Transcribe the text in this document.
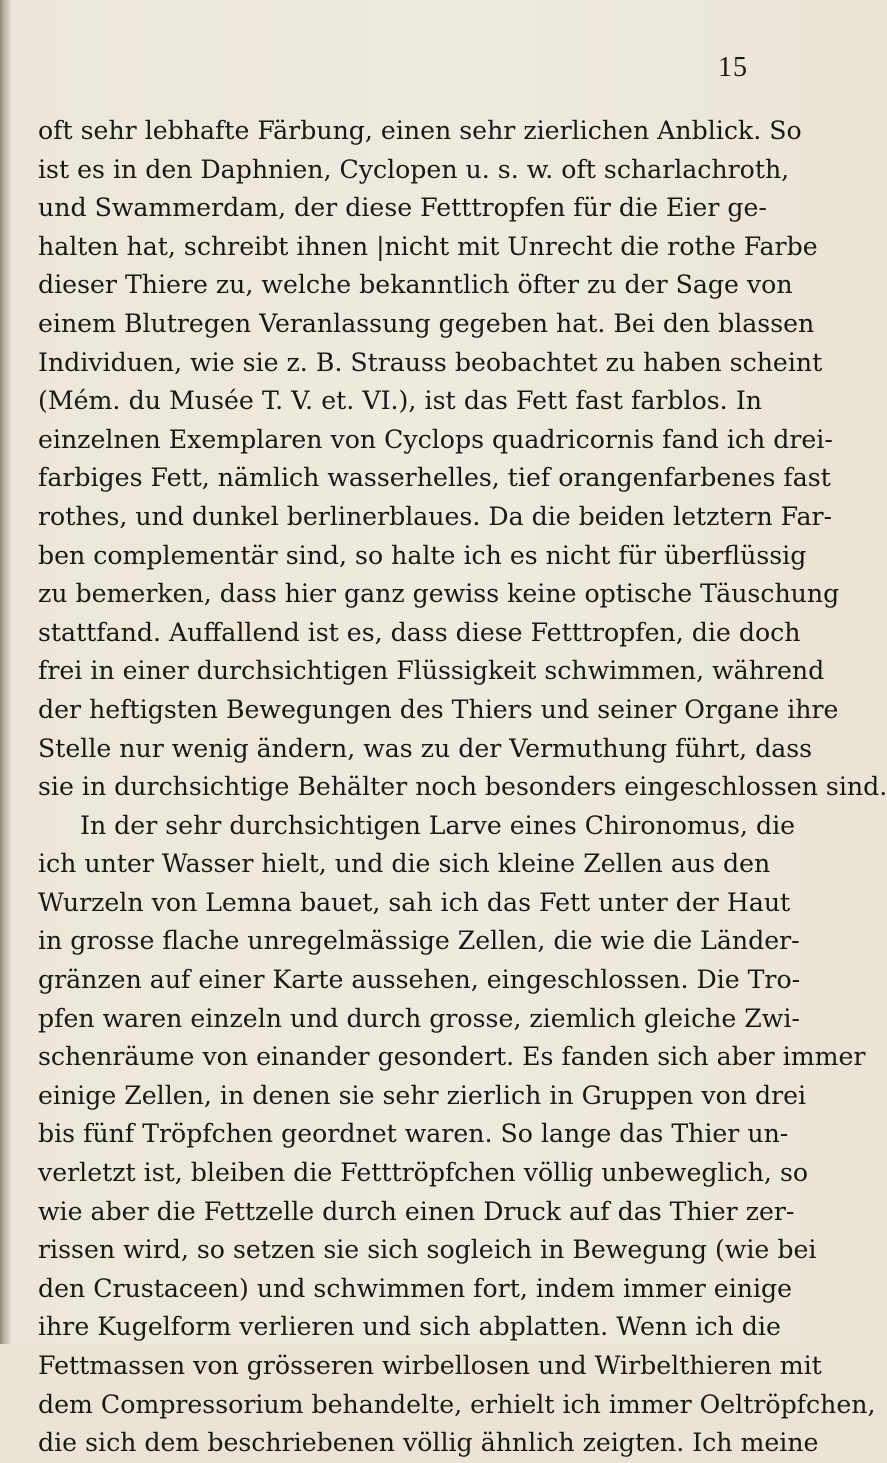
15
oft sehr lebhafte Färbung, einen sehr zierlichen Anblick. So
ist es in den Daphnien, Cyclopen u. s. w. oft scharlachroth,
und Swammerdam, der diese Fetttropfen für die Eier ge-
halten hat, schreibt ihnen |nicht mit Unrecht die rothe Farbe
dieser Thiere zu, welche bekanntlich öfter zu der Sage von
einem Blutregen Veranlassung gegeben hat. Bei den blassen
Individuen, wie sie z. B. Strauss beobachtet zu haben scheint
(Mém. du Musée T. V. et. VI.), ist das Fett fast farblos. In
einzelnen Exemplaren von Cyclops quadricornis fand ich drei-
farbiges Fett, nämlich wasserhelles, tief orangenfarbenes fast
rothes, und dunkel berlinerblaues. Da die beiden letztern Far-
ben complementär sind, so halte ich es nicht für überflüssig
zu bemerken, dass hier ganz gewiss keine optische Täuschung
stattfand. Auffallend ist es, dass diese Fetttropfen, die doch
frei in einer durchsichtigen Flüssigkeit schwimmen, während
der heftigsten Bewegungen des Thiers und seiner Organe ihre
Stelle nur wenig ändern, was zu der Vermuthung führt, dass
sie in durchsichtige Behälter noch besonders eingeschlossen sind.
In der sehr durchsichtigen Larve eines Chironomus, die
ich unter Wasser hielt, und die sich kleine Zellen aus den
Wurzeln von Lemna bauet, sah ich das Fett unter der Haut
in grosse flache unregelmässige Zellen, die wie die Länder-
gränzen auf einer Karte aussehen, eingeschlossen. Die Tro-
pfen waren einzeln und durch grosse, ziemlich gleiche Zwi-
schenräume von einander gesondert. Es fanden sich aber immer
einige Zellen, in denen sie sehr zierlich in Gruppen von drei
bis fünf Tröpfchen geordnet waren. So lange das Thier un-
verletzt ist, bleiben die Fetttröpfchen völlig unbeweglich, so
wie aber die Fettzelle durch einen Druck auf das Thier zer-
rissen wird, so setzen sie sich sogleich in Bewegung (wie bei
den Crustaceen) und schwimmen fort, indem immer einige
ihre Kugelform verlieren und sich abplatten. Wenn ich die
Fettmassen von grösseren wirbellosen und Wirbelthieren mit
dem Compressorium behandelte, erhielt ich immer Oeltröpfchen,
die sich dem beschriebenen völlig ähnlich zeigten. Ich meine
